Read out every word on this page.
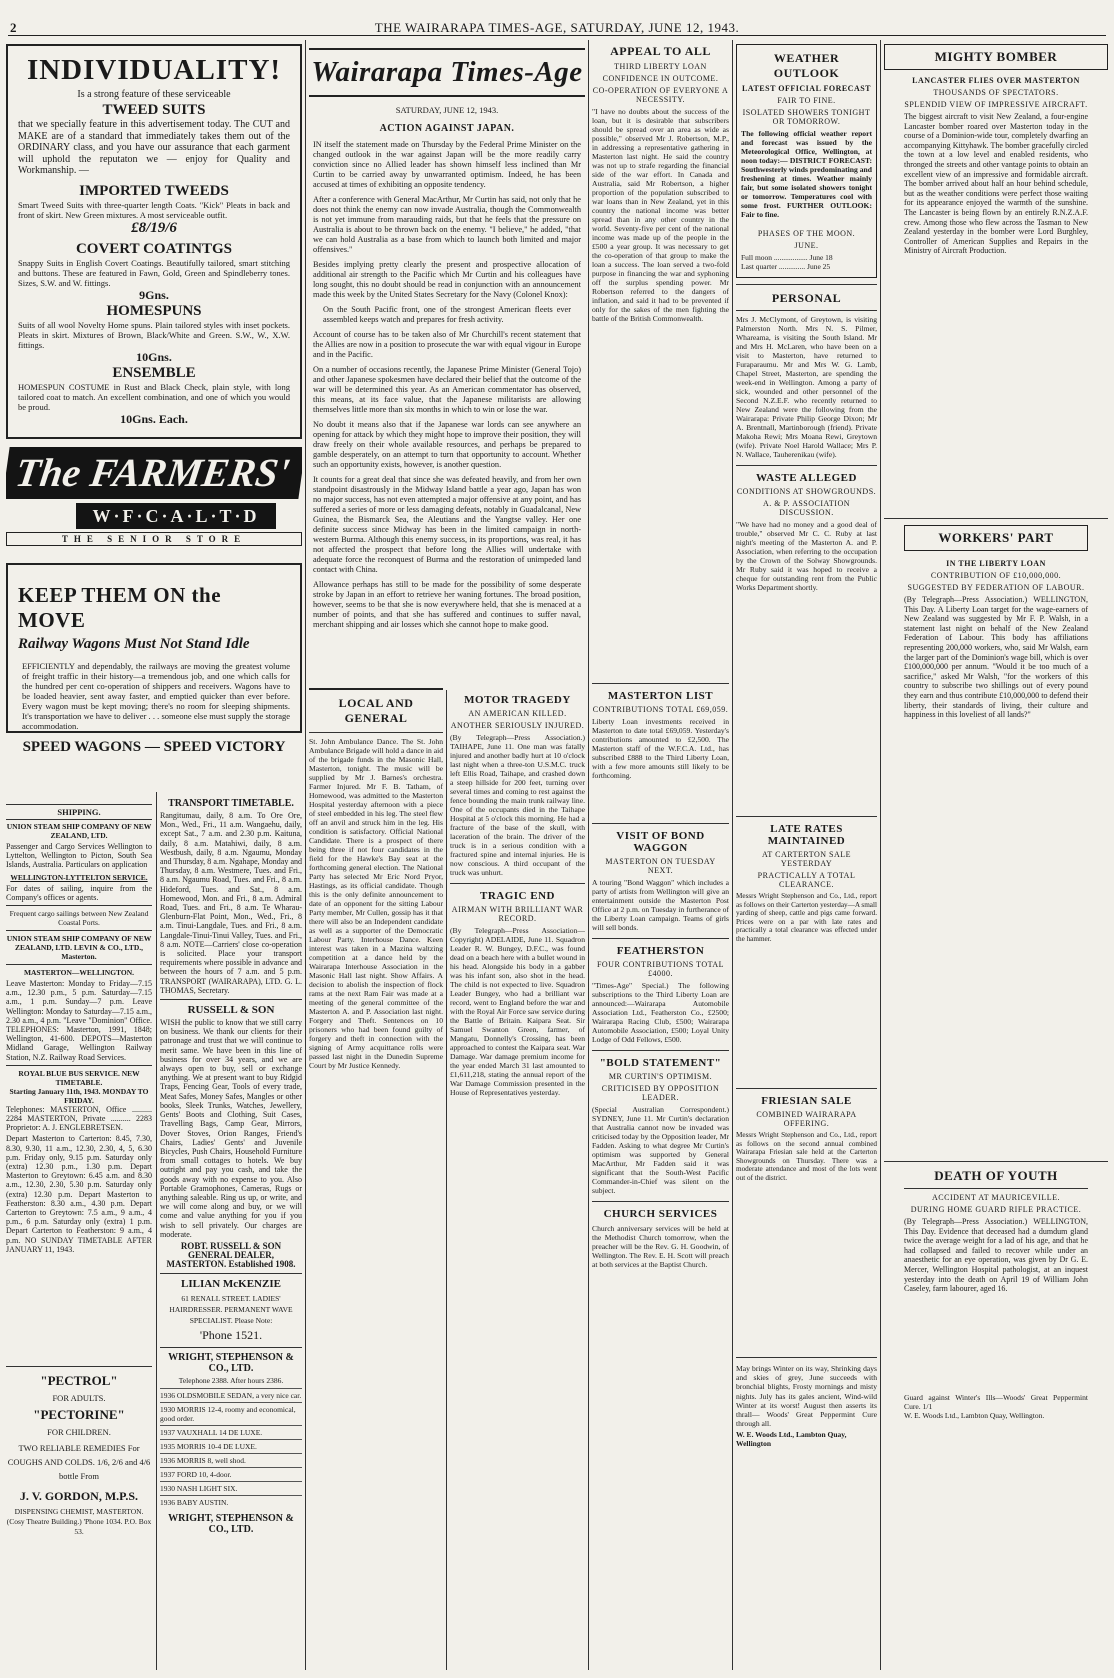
2	THE WAIRARAPA TIMES-AGE, SATURDAY, JUNE 12, 1943.
INDIVIDUALITY!
Is a strong feature of these serviceable
TWEED SUITS
that we specially feature in this advertisement today. The CUT and MAKE are of a standard that immediately takes them out of the ORDINARY class, and you have our assurance that each garment will uphold the reputaton we — enjoy for Quality and Workmanship. —
IMPORTED TWEEDS
Smart Tweed Suits with three-quarter length Coats. "Kick" Pleats in back and front of skirt. New Green mixtures. A most serviceable outfit.
£8/19/6
COVERT COATINTGS
Snappy Suits in English Covert Coatings. Beautifully tailored, smart stitching and buttons. These are featured in Fawn, Gold, Green and Spindleberry tones. Sizes, S.W. and W. fittings.
9Gns.
HOMESPUNS
Suits of all wool Novelty Home spuns. Plain tailored styles with inset pockets. Pleats in skirt. Mixtures of Brown, Black/White and Green. S.W., W., X.W. fittings.
10Gns.
ENSEMBLE
HOMESPUN COSTUME in Rust and Black Check, plain style, with long tailored coat to match. An excellent combination, and one of which you would be proud.
10Gns. Each.
The FARMERS'
W·F·C·A·L·T·D
THE SENIOR STORE
KEEP THEM ON the MOVE
Railway Wagons Must Not Stand Idle
EFFICIENTLY and dependably, the railways are moving the greatest volume of freight traffic in their history—a tremendous job, and one which calls for the hundred per cent co-operation of shippers and receivers. Wagons have to be loaded heavier, sent away faster, and emptied quicker than ever before. Every wagon must be kept moving; there's no room for sleeping shipments. It's transportation we have to deliver . . . someone else must supply the storage accommodation.
SPEED WAGONS — SPEED VICTORY
SHIPPING.
UNION STEAM SHIP COMPANY OF NEW ZEALAND, LTD.
Passenger and Cargo Services Wellington to Lyttelton, Wellington to Picton, South Sea Islands, Australia. Particulars on application
WELLINGTON-LYTTELTON SERVICE.
For dates of sailing, inquire from the Company's offices or agents.
Frequent cargo sailings between New Zealand Coastal Ports.
UNION STEAM SHIP COMPANY OF NEW ZEALAND, LTD. LEVIN & CO., LTD., Masterton.
MASTERTON—WELLINGTON.
Leave Masterton: Monday to Friday—7.15 a.m., 12.30 p.m., 5 p.m. Saturday—7.15 a.m., 1 p.m. Sunday—7 p.m. Leave Wellington: Monday to Saturday—7.15 a.m., 2.30 a.m., 4 p.m. "Leave "Dominion" Office. TELEPHONES: Masterton, 1991, 1848; Wellington, 41-600. DEPOTS—Masterton Midland Garage, Wellington Railway Station, N.Z. Railway Road Services.
ROYAL BLUE BUS SERVICE. NEW TIMETABLE.
Starting January 11th, 1943. MONDAY TO FRIDAY.
Telephones: MASTERTON, Office .......... 2284 MASTERTON, Private .......... 2283 Proprietor: A. J. ENGLEBRETSEN.
Depart Masterton to Carterton: 8.45, 7.30, 8.30, 9.30, 11 a.m., 12.30, 2.30, 4, 5, 6.30 p.m. Friday only, 9.15 p.m. Saturday only (extra) 12.30 p.m., 1.30 p.m. Depart Masterton to Greytown: 6.45 a.m. and 8.30 a.m., 12.30, 2.30, 5.30 p.m. Saturday only (extra) 12.30 p.m. Depart Masterton to Featherston: 8.30 a.m., 4.30 p.m. Depart Carterton to Greytown: 7.5 a.m., 9 a.m., 4 p.m., 6 p.m. Saturday only (extra) 1 p.m. Depart Carterton to Featherston: 9 a.m., 4 p.m. NO SUNDAY TIMETABLE AFTER JANUARY 11, 1943.
"PECTROL"
FOR ADULTS.
"PECTORINE"
FOR CHILDREN.
TWO RELIABLE REMEDIES For COUGHS AND COLDS. 1/6, 2/6 and 4/6 bottle From
J. V. GORDON, M.P.S.
DISPENSING CHEMIST, MASTERTON. (Cosy Theatre Building.) 'Phone 1034. P.O. Box 53.
TRANSPORT TIMETABLE.
Rangitumau, daily, 8 a.m. To Ore Ore, Mon., Wed., Fri., 11 a.m. Wangaehu, daily, except Sat., 7 a.m. and 2.30 p.m. Kaituna, daily, 8 a.m. Matahiwi, daily, 8 a.m. Westbush, daily, 8 a.m. Ngaumu, Monday and Thursday, 8 a.m. Ngahape, Monday and Thursday, 8 a.m. Westmere, Tues. and Fri., 8 a.m. Ngaumu Road, Tues. and Fri., 8 a.m. Hideford, Tues. and Sat., 8 a.m. Homewood, Mon. and Fri., 8 a.m. Admiral Road, Tues. and Fri., 8 a.m. Te Wharau-Glenburn-Flat Point, Mon., Wed., Fri., 8 a.m. Tinui-Langdale, Tues. and Fri., 8 a.m. Langdale-Tinui-Tinui Valley, Tues. and Fri., 8 a.m. NOTE—Carriers' close co-operation is solicited. Place your transport requirements where possible in advance and between the hours of 7 a.m. and 5 p.m. TRANSPORT (WAIRARAPA), LTD. G. L. THOMAS, Secretary.
RUSSELL & SON
WISH the public to know that we still carry on business. We thank our clients for their patronage and trust that we will continue to merit same. We have been in this line of business for over 34 years, and we are always open to buy, sell or exchange anything. We at present want to buy Ridgid Traps, Fencing Gear, Tools of every trade, Meat Safes, Money Safes, Mangles or other books, Sleek Trunks, Watches, Jewellery, Gents' Boots and Clothing, Suit Cases, Travelling Bags, Camp Gear, Mirrors, Dover Stoves, Orion Ranges, Friend's Chairs, Ladies' Gents' and Juvenile Bicycles, Push Chairs, Household Furniture from small cottages to hotels. We buy outright and pay you cash, and take the goods away with no expense to you. Also Portable Gramophones, Cameras, Rugs or anything saleable. Ring us up, or write, and we will come along and buy, or we will come and value anything for you if you wish to sell privately. Our charges are moderate.
ROBT. RUSSELL & SON GENERAL DEALER, MASTERTON. Established 1908.
LILIAN McKENZIE
61 RENALL STREET. LADIES' HAIRDRESSER. PERMANENT WAVE SPECIALIST. Please Note:
'Phone 1521.
WRIGHT, STEPHENSON & CO., LTD.
Telephone 2388. After hours 2386.
1936 OLDSMOBILE SEDAN, a very nice car.
1930 MORRIS 12-4, roomy and economical, good order.
1937 VAUXHALL 14 DE LUXE.
1935 MORRIS 10-4 DE LUXE.
1936 MORRIS 8, well shod.
1937 FORD 10, 4-door.
1930 NASH LIGHT SIX.
1936 BABY AUSTIN.
WRIGHT, STEPHENSON & CO., LTD.
Wairarapa Times-Age
SATURDAY, JUNE 12, 1943.
ACTION AGAINST JAPAN.

IN itself the statement made on Thursday by the Federal Prime Minister on the changed outlook in the war against Japan will be the more readily carry conviction since no Allied leader has shown himself less inclined than Mr Curtin to be carried away by unwarranted optimism. Indeed, he has been accused at times of exhibiting an opposite tendency.

After a conference with General MacArthur, Mr Curtin has said, not only that he does not think the enemy can now invade Australia, though the Commonwealth is not yet immune from marauding raids, but that he feels that the pressure on Australia is about to be thrown back on the enemy. "I believe," he added, "that we can hold Australia as a base from which to launch both limited and major offensives."

Besides implying pretty clearly the present and prospective allocation of additional air strength to the Pacific which Mr Curtin and his colleagues have long sought, this no doubt should be read in conjunction with an announcement made this week by the United States Secretary for the Navy (Colonel Knox):

On the South Pacific front, one of the strongest American fleets ever assembled keeps watch and prepares for fresh activity.

Account of course has to be taken also of Mr Churchill's recent statement that the Allies are now in a position to prosecute the war with equal vigour in Europe and in the Pacific.

On a number of occasions recently, the Japanese Prime Minister (General Tojo) and other Japanese spokesmen have declared their belief that the outcome of the war will be determined this year. As an American commentator has observed, this means, at its face value, that the Japanese militarists are allowing themselves little more than six months in which to win or lose the war.

No doubt it means also that if the Japanese war lords can see anywhere an opening for attack by which they might hope to improve their position, they will draw freely on their whole available resources, and perhaps be prepared to gamble desperately, on an attempt to turn that opportunity to account. Whether such an opportunity exists, however, is another question.

It counts for a great deal that since she was defeated heavily, and from her own standpoint disastrously in the Midway Island battle a year ago, Japan has won no major success, has not even attempted a major offensive at any point, and has suffered a series of more or less damaging defeats, notably in Guadalcanal, New Guinea, the Bismarck Sea, the Aleutians and the Yangtse valley. Her one definite success since Midway has been in the limited campaign in north-western Burma. Although this enemy success, in its proportions, was real, it has not affected the prospect that before long the Allies will undertake with adequate force the reconquest of Burma and the restoration of unimpeded land contact with China.

Allowance perhaps has still to be made for the possibility of some desperate stroke by Japan in an effort to retrieve her waning fortunes. The broad position, however, seems to be that she is now everywhere held, that she is menaced at a number of points, and that she has suffered and continues to suffer naval, merchant shipping and air losses which she cannot hope to make good.

LOCAL AND GENERAL
St. John Ambulance Dance. The St. John Ambulance Brigade will hold a dance in aid of the brigade funds in the Masonic Hall, Masterton, tonight. The music will be supplied by Mr J. Barnes's orchestra. Farmer Injured. Mr F. B. Tatham, of Homewood, was admitted to the Masterton Hospital yesterday afternoon with a piece of steel embedded in his leg. The steel flew off an anvil and struck him in the leg. His condition is satisfactory. Official National Candidate. There is a prospect of there being three if not four candidates in the field for the Hawke's Bay seat at the forthcoming general election. The National Party has selected Mr Eric Nord Pryor, Hastings, as its official candidate. Though this is the only definite announcement to date of an opponent for the sitting Labour Party member, Mr Cullen, gossip has it that there will also be an Independent candidate as well as a supporter of the Democratic Labour Party. Interhouse Dance. Keen interest was taken in a Mazina waltzing competition at a dance held by the Wairarapa Interhouse Association in the Masonic Hall last night. Show Affairs. A decision to abolish the inspection of flock rams at the next Ram Fair was made at a meeting of the general committee of the Masterton A. and P. Association last night. Forgery and Theft. Sentences on 10 prisoners who had been found guilty of forgery and theft in connection with the signing of Army acquittance rolls were passed last night in the Dunedin Supreme Court by Mr Justice Kennedy.
MOTOR TRAGEDY
AN AMERICAN KILLED.
ANOTHER SERIOUSLY INJURED.
(By Telegraph—Press Association.) TAIHAPE, June 11. One man was fatally injured and another badly hurt at 10 o'clock last night when a three-ton U.S.M.C. truck left Ellis Road, Taihape, and crashed down a steep hillside for 200 feet, turning over several times and coming to rest against the fence bounding the main trunk railway line. One of the occupants died in the Taihape Hospital at 5 o'clock this morning. He had a fracture of the base of the skull, with laceration of the brain. The driver of the truck is in a serious condition with a fractured spine and internal injuries. He is now conscious. A third occupant of the truck was unhurt.
TRAGIC END
AIRMAN WITH BRILLIANT WAR RECORD.
(By Telegraph—Press Association—Copyright) ADELAIDE, June 11. Squadron Leader R. W. Bungey, D.F.C., was found dead on a beach here with a bullet wound in his head. Alongside his body in a gabber was his infant son, also shot in the head. The child is not expected to live. Squadron Leader Bungey, who had a brilliant war record, went to England before the war and with the Royal Air Force saw service during the Battle of Britain. Kaipara Seat. Sir Samuel Swanton Green, farmer, of Mangatu, Donnelly's Crossing, has been approached to contest the Kaipara seat. War Damage. War damage premium income for the year ended March 31 last amounted to £1,611,218, stating the annual report of the War Damage Commission presented in the House of Representatives yesterday.
APPEAL TO ALL
THIRD LIBERTY LOAN
CONFIDENCE IN OUTCOME.
CO-OPERATION OF EVERYONE A NECESSITY.
"I have no doubts about the success of the loan, but it is desirable that subscribers should be spread over an area as wide as possible," observed Mr J. Robertson, M.P., in addressing a representative gathering in Masterton last night. He said the country was not up to strafe regarding the financial side of the war effort. In Canada and Australia, said Mr Robertson, a higher proportion of the population subscribed to war loans than in New Zealand, yet in this country the national income was better spread than in any other country in the world. Seventy-five per cent of the national income was made up of the people in the £500 a year group. It was necessary to get the co-operation of that group to make the loan a success. The loan served a two-fold purpose in financing the war and syphoning off the surplus spending power. Mr Robertson referred to the dangers of inflation, and said it had to be prevented if only for the sakes of the men fighting the battle of the British Commonwealth.
MASTERTON LIST
CONTRIBUTIONS TOTAL £69,059.
Liberty Loan investments received in Masterton to date total £69,059. Yesterday's contributions amounted to £2,500. The Masterton staff of the W.F.C.A. Ltd., has subscribed £888 to the Third Liberty Loan, with a few more amounts still likely to be forthcoming.
VISIT OF BOND WAGGON
MASTERTON ON TUESDAY NEXT.
A touring "Bond Waggon" which includes a party of artists from Wellington will give an entertainment outside the Masterton Post Office at 2 p.m. on Tuesday in furtherance of the Liberty Loan campaign. Teams of girls will sell bonds.
FEATHERSTON
FOUR CONTRIBUTIONS TOTAL £4000.
"Times-Age" Special.) The following subscriptions to the Third Liberty Loan are announced:—Wairarapa Automobile Association Ltd., Featherston Co., £2500; Wairarapa Racing Club, £500; Wairarapa Automobile Association, £500; Loyal Unity Lodge of Odd Fellows, £500.
"BOLD STATEMENT"
MR CURTIN'S OPTIMISM.
CRITICISED BY OPPOSITION LEADER.
(Special Australian Correspondent.) SYDNEY, June 11. Mr Curtin's declaration that Australia cannot now be invaded was criticised today by the Opposition leader, Mr Fadden. Asking to what degree Mr Curtin's optimism was supported by General MacArthur, Mr Fadden said it was significant that the South-West Pacific Commander-in-Chief was silent on the subject.
CHURCH SERVICES
Church anniversary services will be held at the Methodist Church tomorrow, when the preacher will be the Rev. G. H. Goodwin, of Wellington. The Rev. E. H. Scott will preach at both services at the Baptist Church.
WEATHER OUTLOOK
LATEST OFFICIAL FORECAST
FAIR TO FINE.
ISOLATED SHOWERS TONIGHT OR TOMORROW.
The following official weather report and forecast was issued by the Meteorological Office, Wellington, at noon today:— DISTRICT FORECAST: Southwesterly winds predominating and freshening at times. Weather mainly fair, but some isolated showers tonight or tomorrow. Temperatures cool with some frost. FURTHER OUTLOOK: Fair to fine.
PHASES OF THE MOON.
JUNE.
Full moon .................. June 18
Last quarter .............. June 25
PERSONAL
Mrs J. McClymont, of Greytown, is visiting Palmerston North. Mrs N. S. Pilmer, Whareama, is visiting the South Island. Mr and Mrs H. McLaren, who have been on a visit to Masterton, have returned to Furaparaumu. Mr and Mrs W. G. Lamb, Chapel Street, Masterton, are spending the week-end in Wellington. Among a party of sick, wounded and other personnel of the Second N.Z.E.F. who recently returned to New Zealand were the following from the Wairarapa: Private Philip George Dixon; Mr A. Brentnall, Martinborough (friend). Private Makoha Rewi; Mrs Moana Rewi, Greytown (wife). Private Noel Harold Wallace; Mrs P. N. Wallace, Tauherenikau (wife).
WASTE ALLEGED
CONDITIONS AT SHOWGROUNDS.
A. & P. ASSOCIATION DISCUSSION.
"We have had no money and a good deal of trouble," observed Mr C. C. Ruby at last night's meeting of the Masterton A. and P. Association, when referring to the occupation by the Crown of the Solway Showgrounds. Mr Ruby said it was hoped to receive a cheque for outstanding rent from the Public Works Department shortly.
LATE RATES MAINTAINED
AT CARTERTON SALE YESTERDAY
PRACTICALLY A TOTAL CLEARANCE.
Messrs Wright Stephenson and Co., Ltd., report as follows on their Carterton yesterday—A small yarding of sheep, cattle and pigs came forward. Prices were on a par with late rates and practically a total clearance was effected under the hammer.
FRIESIAN SALE
COMBINED WAIRARAPA OFFERING.
Messrs Wright Stephenson and Co., Ltd., report as follows on the second annual combined Wairarapa Friesian sale held at the Carterton Showgrounds on Thursday. There was a moderate attendance and most of the lots went out of the district.
May brings Winter on its way, Shrinking days and skies of grey, June succeeds with bronchial blights, Frosty mornings and misty nights. July has its gales ancient, Wind-wild Winter at its worst! August then asserts its thrall— Woods' Great Peppermint Cure through all.
W. E. Woods Ltd., Lambton Quay, Wellington
MIGHTY BOMBER
LANCASTER FLIES OVER MASTERTON
THOUSANDS OF SPECTATORS.
SPLENDID VIEW OF IMPRESSIVE AIRCRAFT.
The biggest aircraft to visit New Zealand, a four-engine Lancaster bomber roared over Masterton today in the course of a Dominion-wide tour, completely dwarfing an accompanying Kittyhawk. The bomber gracefully circled the town at a low level and enabled residents, who thronged the streets and other vantage points to obtain an excellent view of an impressive and formidable aircraft. The bomber arrived about half an hour behind schedule, but as the weather conditions were perfect those waiting for its appearance enjoyed the warmth of the sunshine. The Lancaster is being flown by an entirely R.N.Z.A.F. crew. Among those who flew across the Tasman to New Zealand yesterday in the bomber were Lord Burghley, Controller of American Supplies and Repairs in the Ministry of Aircraft Production.
WORKERS' PART
IN THE LIBERTY LOAN
CONTRIBUTION OF £10,000,000.
SUGGESTED BY FEDERATION OF LABOUR.
(By Telegraph—Press Association.) WELLINGTON, This Day. A Liberty Loan target for the wage-earners of New Zealand was suggested by Mr F. P. Walsh, in a statement last night on behalf of the New Zealand Federation of Labour. This body has affiliations representing 200,000 workers, who, said Mr Walsh, earn the larger part of the Dominion's wage bill, which is over £100,000,000 per annum. "Would it be too much of a sacrifice," asked Mr Walsh, "for the workers of this country to subscribe two shillings out of every pound they earn and thus contribute £10,000,000 to defend their liberty, their standards of living, their culture and happiness in this loveliest of all lands?"
DEATH OF YOUTH
ACCIDENT AT MAURICEVILLE.
DURING HOME GUARD RIFLE PRACTICE.
(By Telegraph—Press Association.) WELLINGTON, This Day. Evidence that deceased had a dumdum gland twice the average weight for a lad of his age, and that he had collapsed and failed to recover while under an anaesthetic for an eye operation, was given by Dr G. E. Mercer, Wellington Hospital pathologist, at an inquest yesterday into the death on April 19 of William John Caseley, farm labourer, aged 16.
Guard against Winter's Ills—Woods' Great Peppermint Cure. 1/1
W. E. Woods Ltd., Lambton Quay, Wellington.
